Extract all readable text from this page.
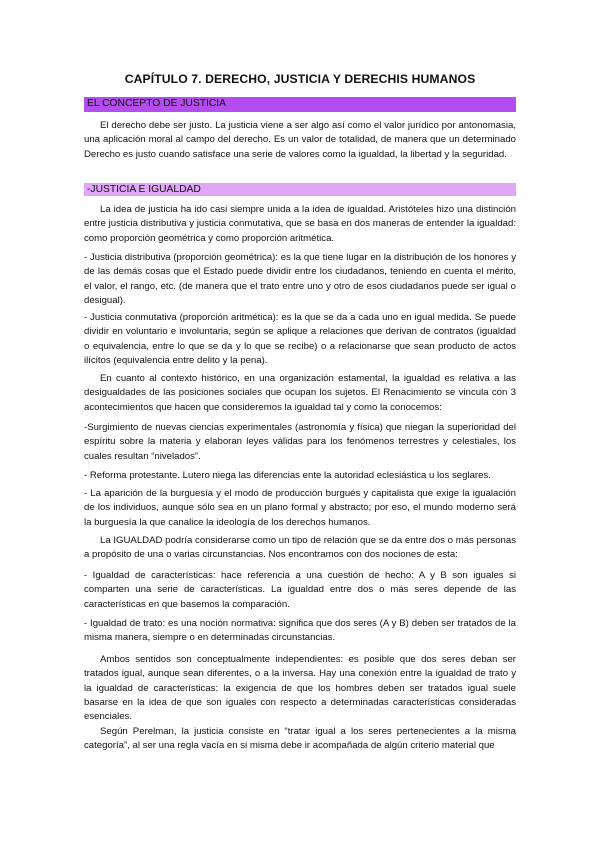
CAPÍTULO 7. DERECHO, JUSTICIA Y DERECHIS HUMANOS
EL CONCEPTO DE JUSTICIA

El derecho debe ser justo. La justicia viene a ser algo así como el valor jurídico por antonomasia, una aplicación moral al campo del derecho. Es un valor de totalidad, de manera que un determinado Derecho es justo cuando satisface una serie de valores como la igualdad, la libertad y la seguridad.

-JUSTICIA E IGUALDAD

La idea de justicia ha ido casi siempre unida a la idea de igualdad. Aristóteles hizo una distinción entre justicia distributiva y justicia conmutativa, que se basa en dos maneras de entender la igualdad: como proporción geométrica y como proporción aritmética.

- Justicia distributiva (proporción geométrica): es la que tiene lugar en la distribución de los honores y de las demás cosas que el Estado puede dividir entre los ciudadanos, teniendo en cuenta el mérito, el valor, el rango, etc. (de manera que el trato entre uno y otro de esos ciudadanos puede ser igual o desigual).

- Justicia conmutativa (proporción aritmética): es la que se da a cada uno en igual medida. Se puede dividir en voluntario e involuntaria, según se aplique a relaciones que derivan de contratos (igualdad o equivalencia, entre lo que se da y lo que se recibe) o a relacionarse que sean producto de actos ilícitos (equivalencia entre delito y la pena).

En cuanto al contexto histórico, en una organización estamental, la igualdad es relativa a las desigualdades de las posiciones sociales que ocupan los sujetos. El Renacimiento se vincula con 3 acontecimientos que hacen que consideremos la igualdad tal y como la conocemos:

-Surgimiento de nuevas ciencias experimentales (astronomía y física) que niegan la superioridad del espíritu sobre la materia y elaboran leyes válidas para los fenómenos terrestres y celestiales, los cuales resultan “nivelados”.

- Reforma protestante. Lutero niega las diferencias ente la autoridad eclesiástica u los seglares.

- La aparición de la burguesía y el modo de producción burgués y capitalista que exige la igualación de los individuos, aunque sólo sea en un plano formal y abstracto; por eso, el mundo moderno será la burguesía la que canalice la ideología de los derechos humanos.

La IGUALDAD podría considerarse como un tipo de relación que se da entre dos o más personas a propósito de una o varias circunstancias. Nos encontramos con dos nociones de esta:

- Igualdad de características: hace referencia a una cuestión de hecho: A y B son iguales si comparten una serie de características. La igualdad entre dos o más seres depende de las características en que basemos la comparación.

- Igualdad de trato: es una noción normativa: significa que dos seres (A y B) deben ser tratados de la misma manera, siempre o en determinadas circunstancias.

Ambos sentidos son conceptualmente independientes: es posible que dos seres deban ser tratados igual, aunque sean diferentes, o a la inversa. Hay una conexión entre la igualdad de trato y la igualdad de características: la exigencia de que los hombres deben ser tratados igual suele basarse en la idea de que son iguales con respecto a determinadas características consideradas esenciales.

Según Perelman, la justicia consiste en “tratar igual a los seres pertenecientes a la misma categoría”, al ser una regla vacía en si misma debe ir acompañada de algún criterio material que
